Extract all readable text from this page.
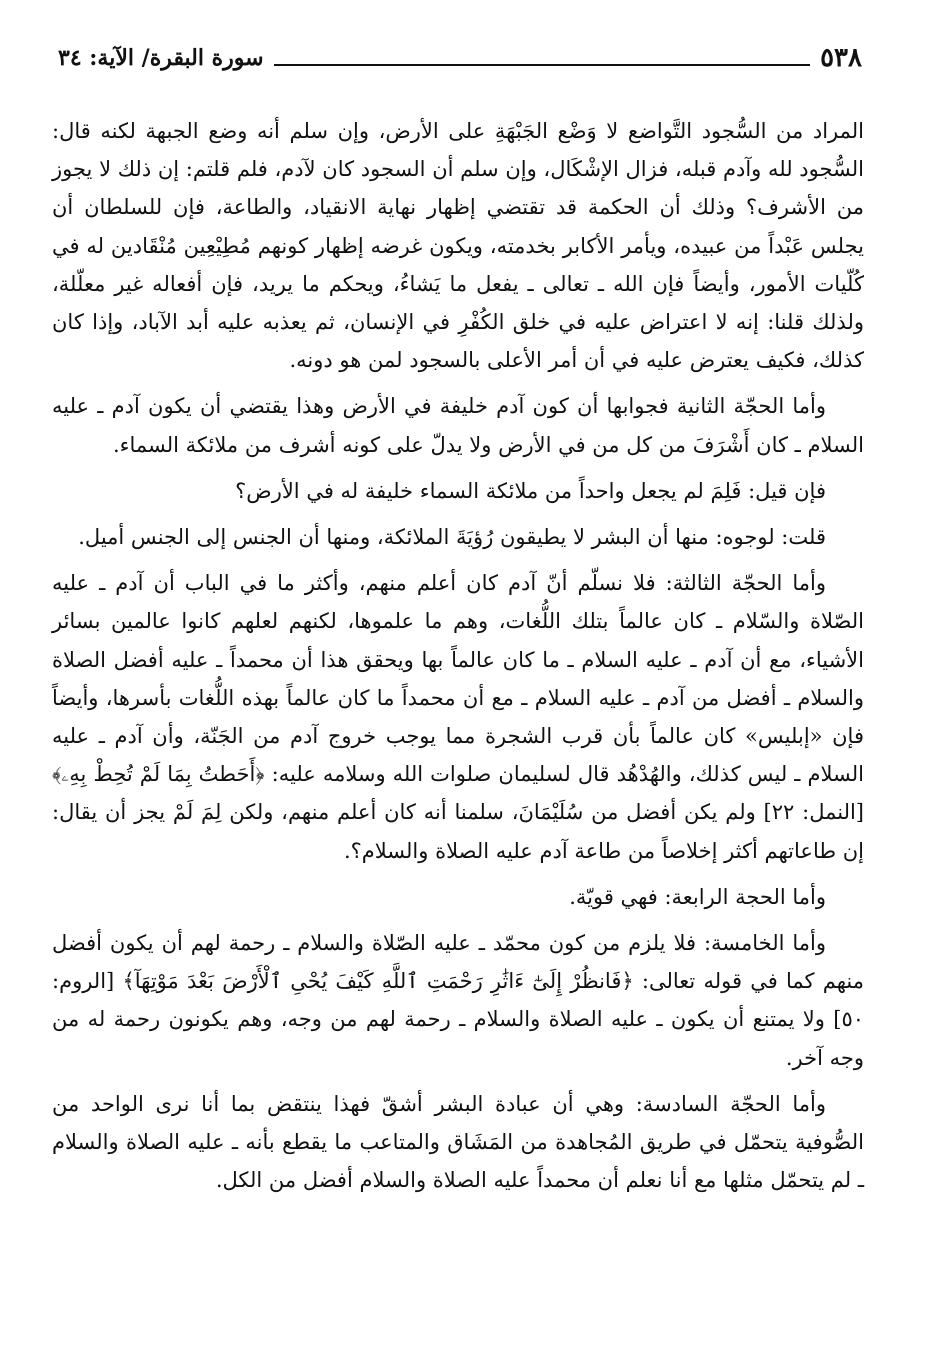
٥٣٨
سورة البقرة/ الآية: ٣٤

المراد من السُّجود التَّواضع لا وَضْع الجَبْهَةِ على الأرض، وإن سلم أنه وضع الجبهة لكنه قال: السُّجود لله وآدم قبله، فزال الإشْكَال، وإن سلم أن السجود كان لآدم، فلم قلتم: إن ذلك لا يجوز من الأشرف؟ وذلك أن الحكمة قد تقتضي إظهار نهاية الانقياد، والطاعة، فإن للسلطان أن يجلس عَبْداً من عبيده، ويأمر الأكابر بخدمته، ويكون غرضه إظهار كونهم مُطِيْعِين مُنْقَادين له في كُلّيات الأمور، وأيضاً فإن الله ـ تعالى ـ يفعل ما يَشاءُ، ويحكم ما يريد، فإن أفعاله غير معلّلة، ولذلك قلنا: إنه لا اعتراض عليه في خلق الكُفْرِ في الإنسان، ثم يعذبه عليه أبد الآباد، وإذا كان كذلك، فكيف يعترض عليه في أن أمر الأعلى بالسجود لمن هو دونه.

وأما الحجّة الثانية فجوابها أن كون آدم خليفة في الأرض وهذا يقتضي أن يكون آدم ـ عليه السلام ـ كان أَشْرَفَ من كل من في الأرض ولا يدلّ على كونه أشرف من ملائكة السماء.

فإن قيل: فَلِمَ لم يجعل واحداً من ملائكة السماء خليفة له في الأرض؟

قلت: لوجوه: منها أن البشر لا يطيقون رُؤيَةَ الملائكة، ومنها أن الجنس إلى الجنس أميل.

وأما الحجّة الثالثة: فلا نسلّم أنّ آدم كان أعلم منهم، وأكثر ما في الباب أن آدم ـ عليه الصّلاة والسّلام ـ كان عالماً بتلك اللُّغات، وهم ما علموها، لكنهم لعلهم كانوا عالمين بسائر الأشياء، مع أن آدم ـ عليه السلام ـ ما كان عالماً بها ويحقق هذا أن محمداً ـ عليه أفضل الصلاة والسلام ـ أفضل من آدم ـ عليه السلام ـ مع أن محمداً ما كان عالماً بهذه اللُّغات بأسرها، وأيضاً فإن «إبليس» كان عالماً بأن قرب الشجرة مما يوجب خروج آدم من الجَنّة، وأن آدم ـ عليه السلام ـ ليس كذلك، والهُدْهُد قال لسليمان صلوات الله وسلامه عليه: ﴿أَحَطتُ بِمَا لَمْ تُحِطْ بِهِۦ﴾ [النمل: ٢٢] ولم يكن أفضل من سُلَيْمَانَ، سلمنا أنه كان أعلم منهم، ولكن لِمَ لَمْ يجز أن يقال: إن طاعاتهم أكثر إخلاصاً من طاعة آدم عليه الصلاة والسلام؟.

وأما الحجة الرابعة: فهي قويّة.

وأما الخامسة: فلا يلزم من كون محمّد ـ عليه الصّلاة والسلام ـ رحمة لهم أن يكون أفضل منهم كما في قوله تعالى: ﴿فَانظُرْ إِلَىٰٓ ءَاثَٰرِ رَحْمَتِ ٱللَّهِ كَيْفَ يُحْىِ ٱلْأَرْضَ بَعْدَ مَوْتِهَآ﴾ [الروم: ٥٠] ولا يمتنع أن يكون ـ عليه الصلاة والسلام ـ رحمة لهم من وجه، وهم يكونون رحمة له من وجه آخر.

وأما الحجّة السادسة: وهي أن عبادة البشر أشقّ فهذا ينتقض بما أنا نرى الواحد من الصُّوفية يتحمّل في طريق المُجاهدة من المَشَاق والمتاعب ما يقطع بأنه ـ عليه الصلاة والسلام ـ لم يتحمّل مثلها مع أنا نعلم أن محمداً عليه الصلاة والسلام أفضل من الكل.
